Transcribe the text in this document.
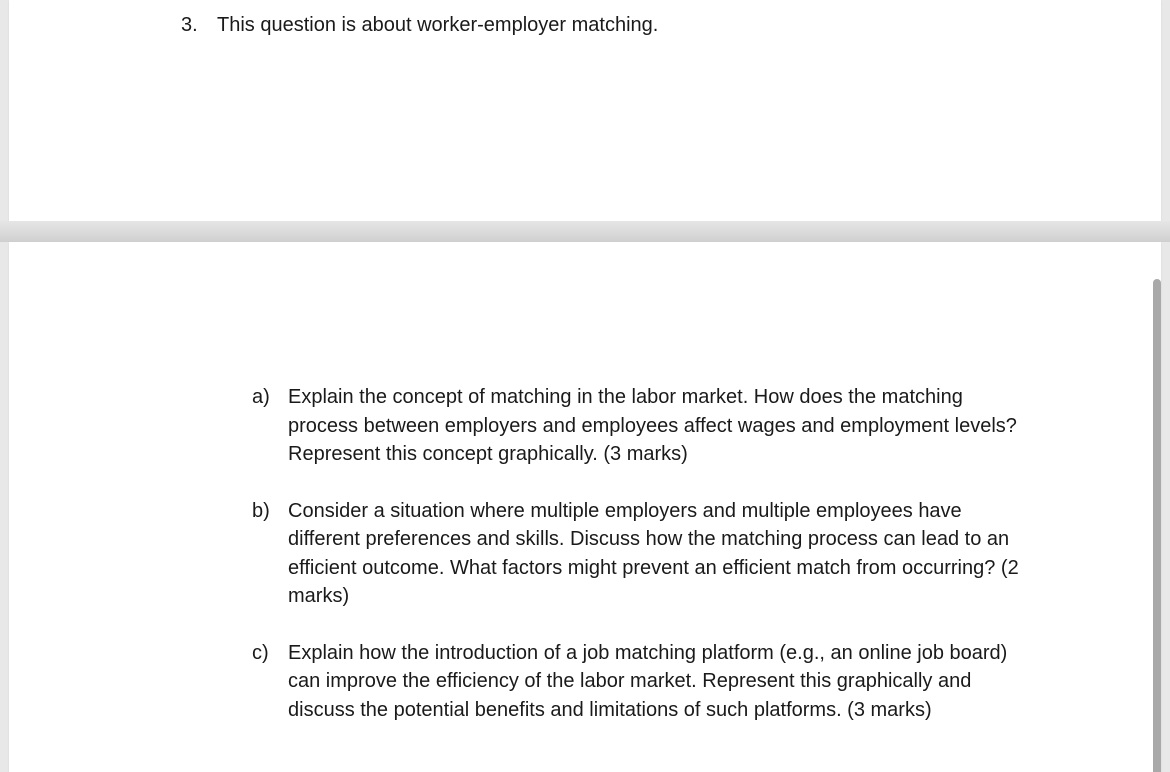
3. This question is about worker-employer matching.
a) Explain the concept of matching in the labor market. How does the matching process between employers and employees affect wages and employment levels? Represent this concept graphically. (3 marks)
b) Consider a situation where multiple employers and multiple employees have different preferences and skills. Discuss how the matching process can lead to an efficient outcome. What factors might prevent an efficient match from occurring? (2 marks)
c) Explain how the introduction of a job matching platform (e.g., an online job board) can improve the efficiency of the labor market. Represent this graphically and discuss the potential benefits and limitations of such platforms. (3 marks)
